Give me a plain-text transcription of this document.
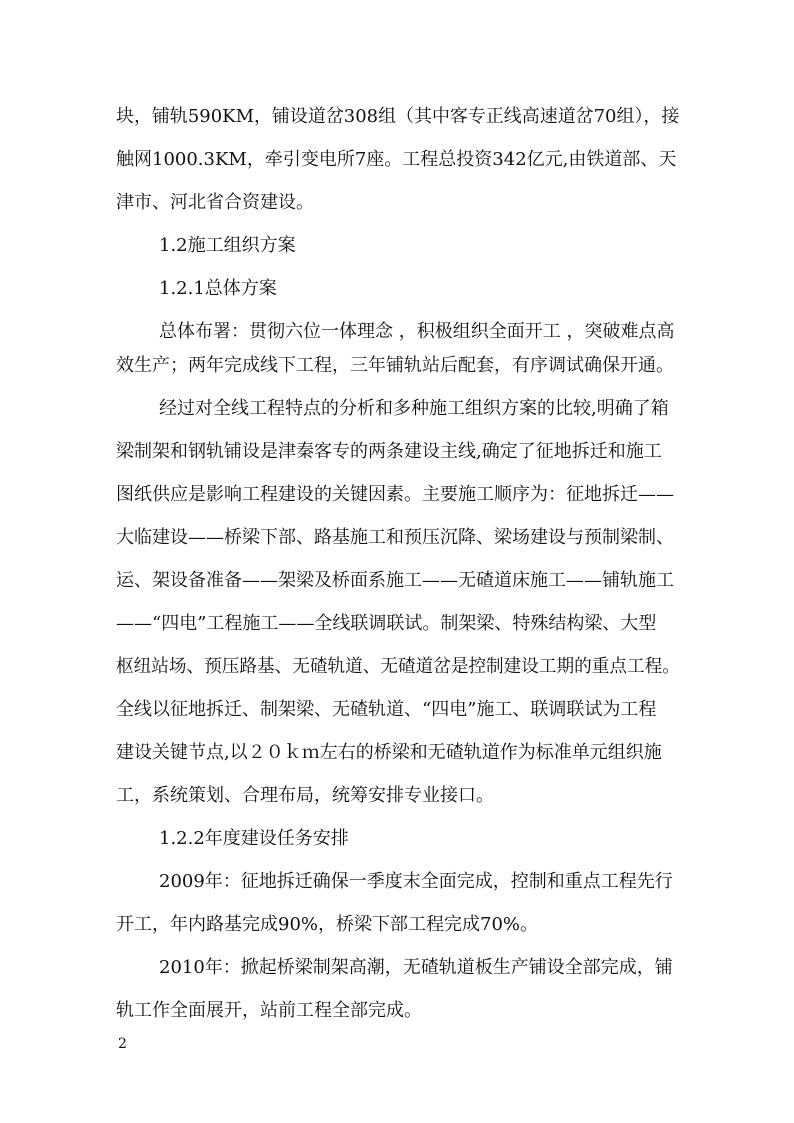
块，铺轨590KM，铺设道岔308组（其中客专正线高速道岔70组），接
触网1000.3KM，牵引变电所7座。工程总投资342亿元,由铁道部、天
津市、河北省合资建设。
1.2施工组织方案
1.2.1总体方案
总体布署：贯彻六位一体理念 ，积极组织全面开工 ，突破难点高
效生产；两年完成线下工程，三年铺轨站后配套，有序调试确保开通。
经过对全线工程特点的分析和多种施工组织方案的比较,明确了箱
梁制架和钢轨铺设是津秦客专的两条建设主线,确定了征地拆迁和施工
图纸供应是影响工程建设的关键因素。主要施工顺序为：征地拆迁——
大临建设——桥梁下部、路基施工和预压沉降、梁场建设与预制梁制、
运、架设备准备——架梁及桥面系施工——无碴道床施工——铺轨施工
——“四电”工程施工——全线联调联试。制架梁、特殊结构梁、大型
枢纽站场、预压路基、无碴轨道、无碴道岔是控制建设工期的重点工程。
全线以征地拆迁、制架梁、无碴轨道、“四电”施工、联调联试为工程
建设关键节点,以２０ｋｍ左右的桥梁和无碴轨道作为标准单元组织施
工，系统策划、合理布局，统筹安排专业接口。
1.2.2年度建设任务安排
2009年：征地拆迁确保一季度末全面完成，控制和重点工程先行
开工，年内路基完成90%，桥梁下部工程完成70%。
2010年：掀起桥梁制架高潮，无碴轨道板生产铺设全部完成，铺
轨工作全面展开，站前工程全部完成。
2
